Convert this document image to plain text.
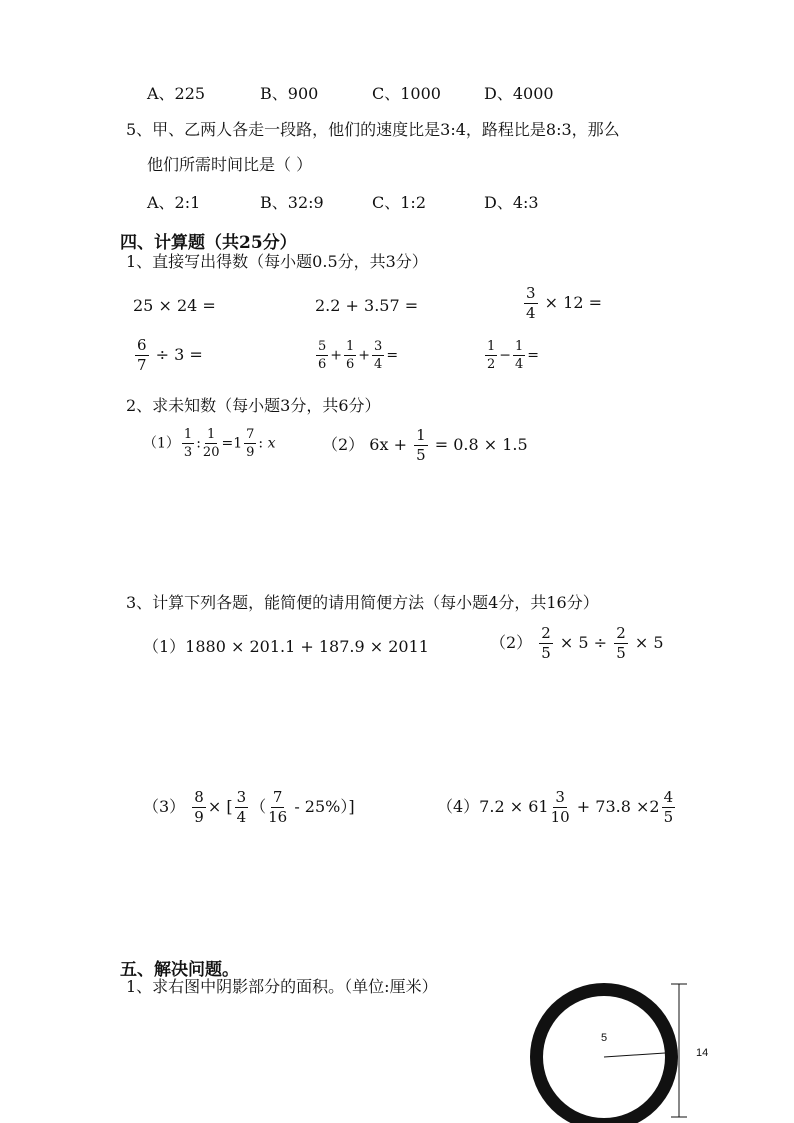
A、225	B、900	C、1000	D、4000
5、甲、乙两人各走一段路，他们的速度比是3:4，路程比是8:3，那么
他们所需时间比是（ ）
A、2:1	B、32:9	C、1:2	D、4:3
四、计算题（共25分）
1、直接写出得数（每小题0.5分，共3分）
25 × 24 =	2.2 + 3.57 =	$\frac{3}{4} \times 12$ =
$\frac{6}{7} \div 3$ =	$\frac{5}{6} + \frac{1}{6} + \frac{3}{4}$ =	$\frac{1}{2} - \frac{1}{4}$ =
2、求未知数（每小题3分，共6分）
$(1) \frac{1}{3}$ : $\frac{1}{20} =1 \frac{7}{9}$ : x	（2） $6x + \frac{1}{5} = 0.8 \times 1.5$
3、计算下列各题，能简便的请用简便方法（每小题4分，共16分）
（1）1880 × 201.1 + 187.9 × 2011	$(2) \frac{2}{5} \times 5 \div \frac{2}{5} \times 5$
$(3) \frac{8}{9}$ × [ $\frac{3}{4}$ （ $\frac{7}{16} - 25\%$）]	$(4)7.2 \times 61 \frac{3}{10} + 73.8 \times 2 \frac{4}{5}$
五、解决问题。
1、求右图中阴影部分的面积。（单位:厘米）
5
14
